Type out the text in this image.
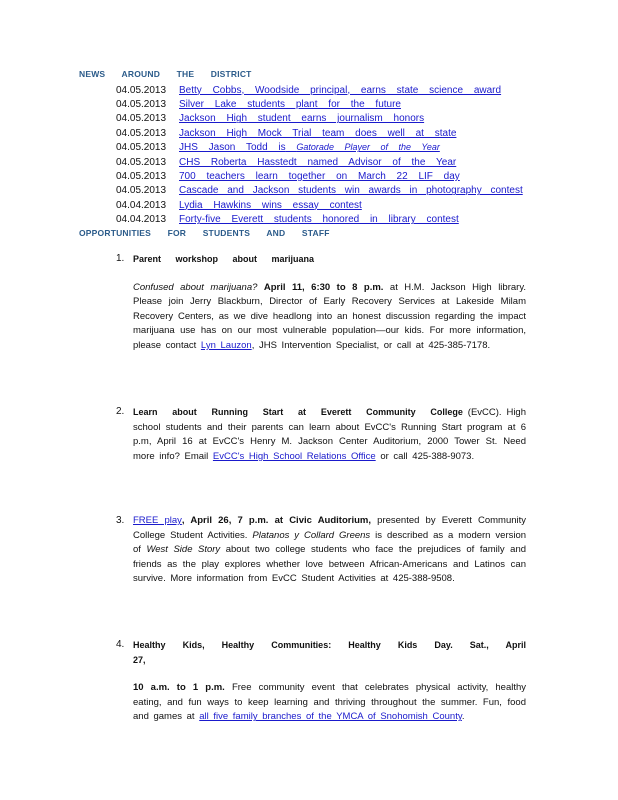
NEWS AROUND THE DISTRICT
04.05.2013	Betty Cobbs, Woodside principal, earns state science award
04.05.2013	Silver Lake students plant for the future
04.05.2013	Jackson High student earns journalism honors
04.05.2013	Jackson High Mock Trial team does well at state
04.05.2013	JHS Jason Todd is Gatorade Player of the Year
04.05.2013	CHS Roberta Hasstedt named Advisor of the Year
04.05.2013	700 teachers learn together on March 22 LIF day
04.05.2013	Cascade and Jackson students win awards in photography contest
04.04.2013	Lydia Hawkins wins essay contest
04.04.2013	Forty-five Everett students honored in library contest
OPPORTUNITIES FOR STUDENTS AND STAFF
1. Parent workshop about marijuana
Confused about marijuana? April 11, 6:30 to 8 p.m. at H.M. Jackson High library. Please join Jerry Blackburn, Director of Early Recovery Services at Lakeside Milam Recovery Centers, as we dive headlong into an honest discussion regarding the impact marijuana use has on our most vulnerable population—our kids. For more information, please contact Lyn Lauzon, JHS Intervention Specialist, or call at 425-385-7178.
2. Learn about Running Start at Everett Community College (EvCC). High school students and their parents can learn about EvCC's Running Start program at 6 p.m, April 16 at EvCC's Henry M. Jackson Center Auditorium, 2000 Tower St. Need more info? Email EvCC's High School Relations Office or call 425-388-9073.
3. FREE play, April 26, 7 p.m. at Civic Auditorium, presented by Everett Community College Student Activities. Platanos y Collard Greens is described as a modern version of West Side Story about two college students who face the prejudices of family and friends as the play explores whether love between African-Americans and Latinos can survive. More information from EvCC Student Activities at 425-388-9508.
4. Healthy Kids, Healthy Communities: Healthy Kids Day. Sat., April 27,
10 a.m. to 1 p.m. Free community event that celebrates physical activity, healthy eating, and fun ways to keep learning and thriving throughout the summer. Fun, food and games at all five family branches of the YMCA of Snohomish County.
